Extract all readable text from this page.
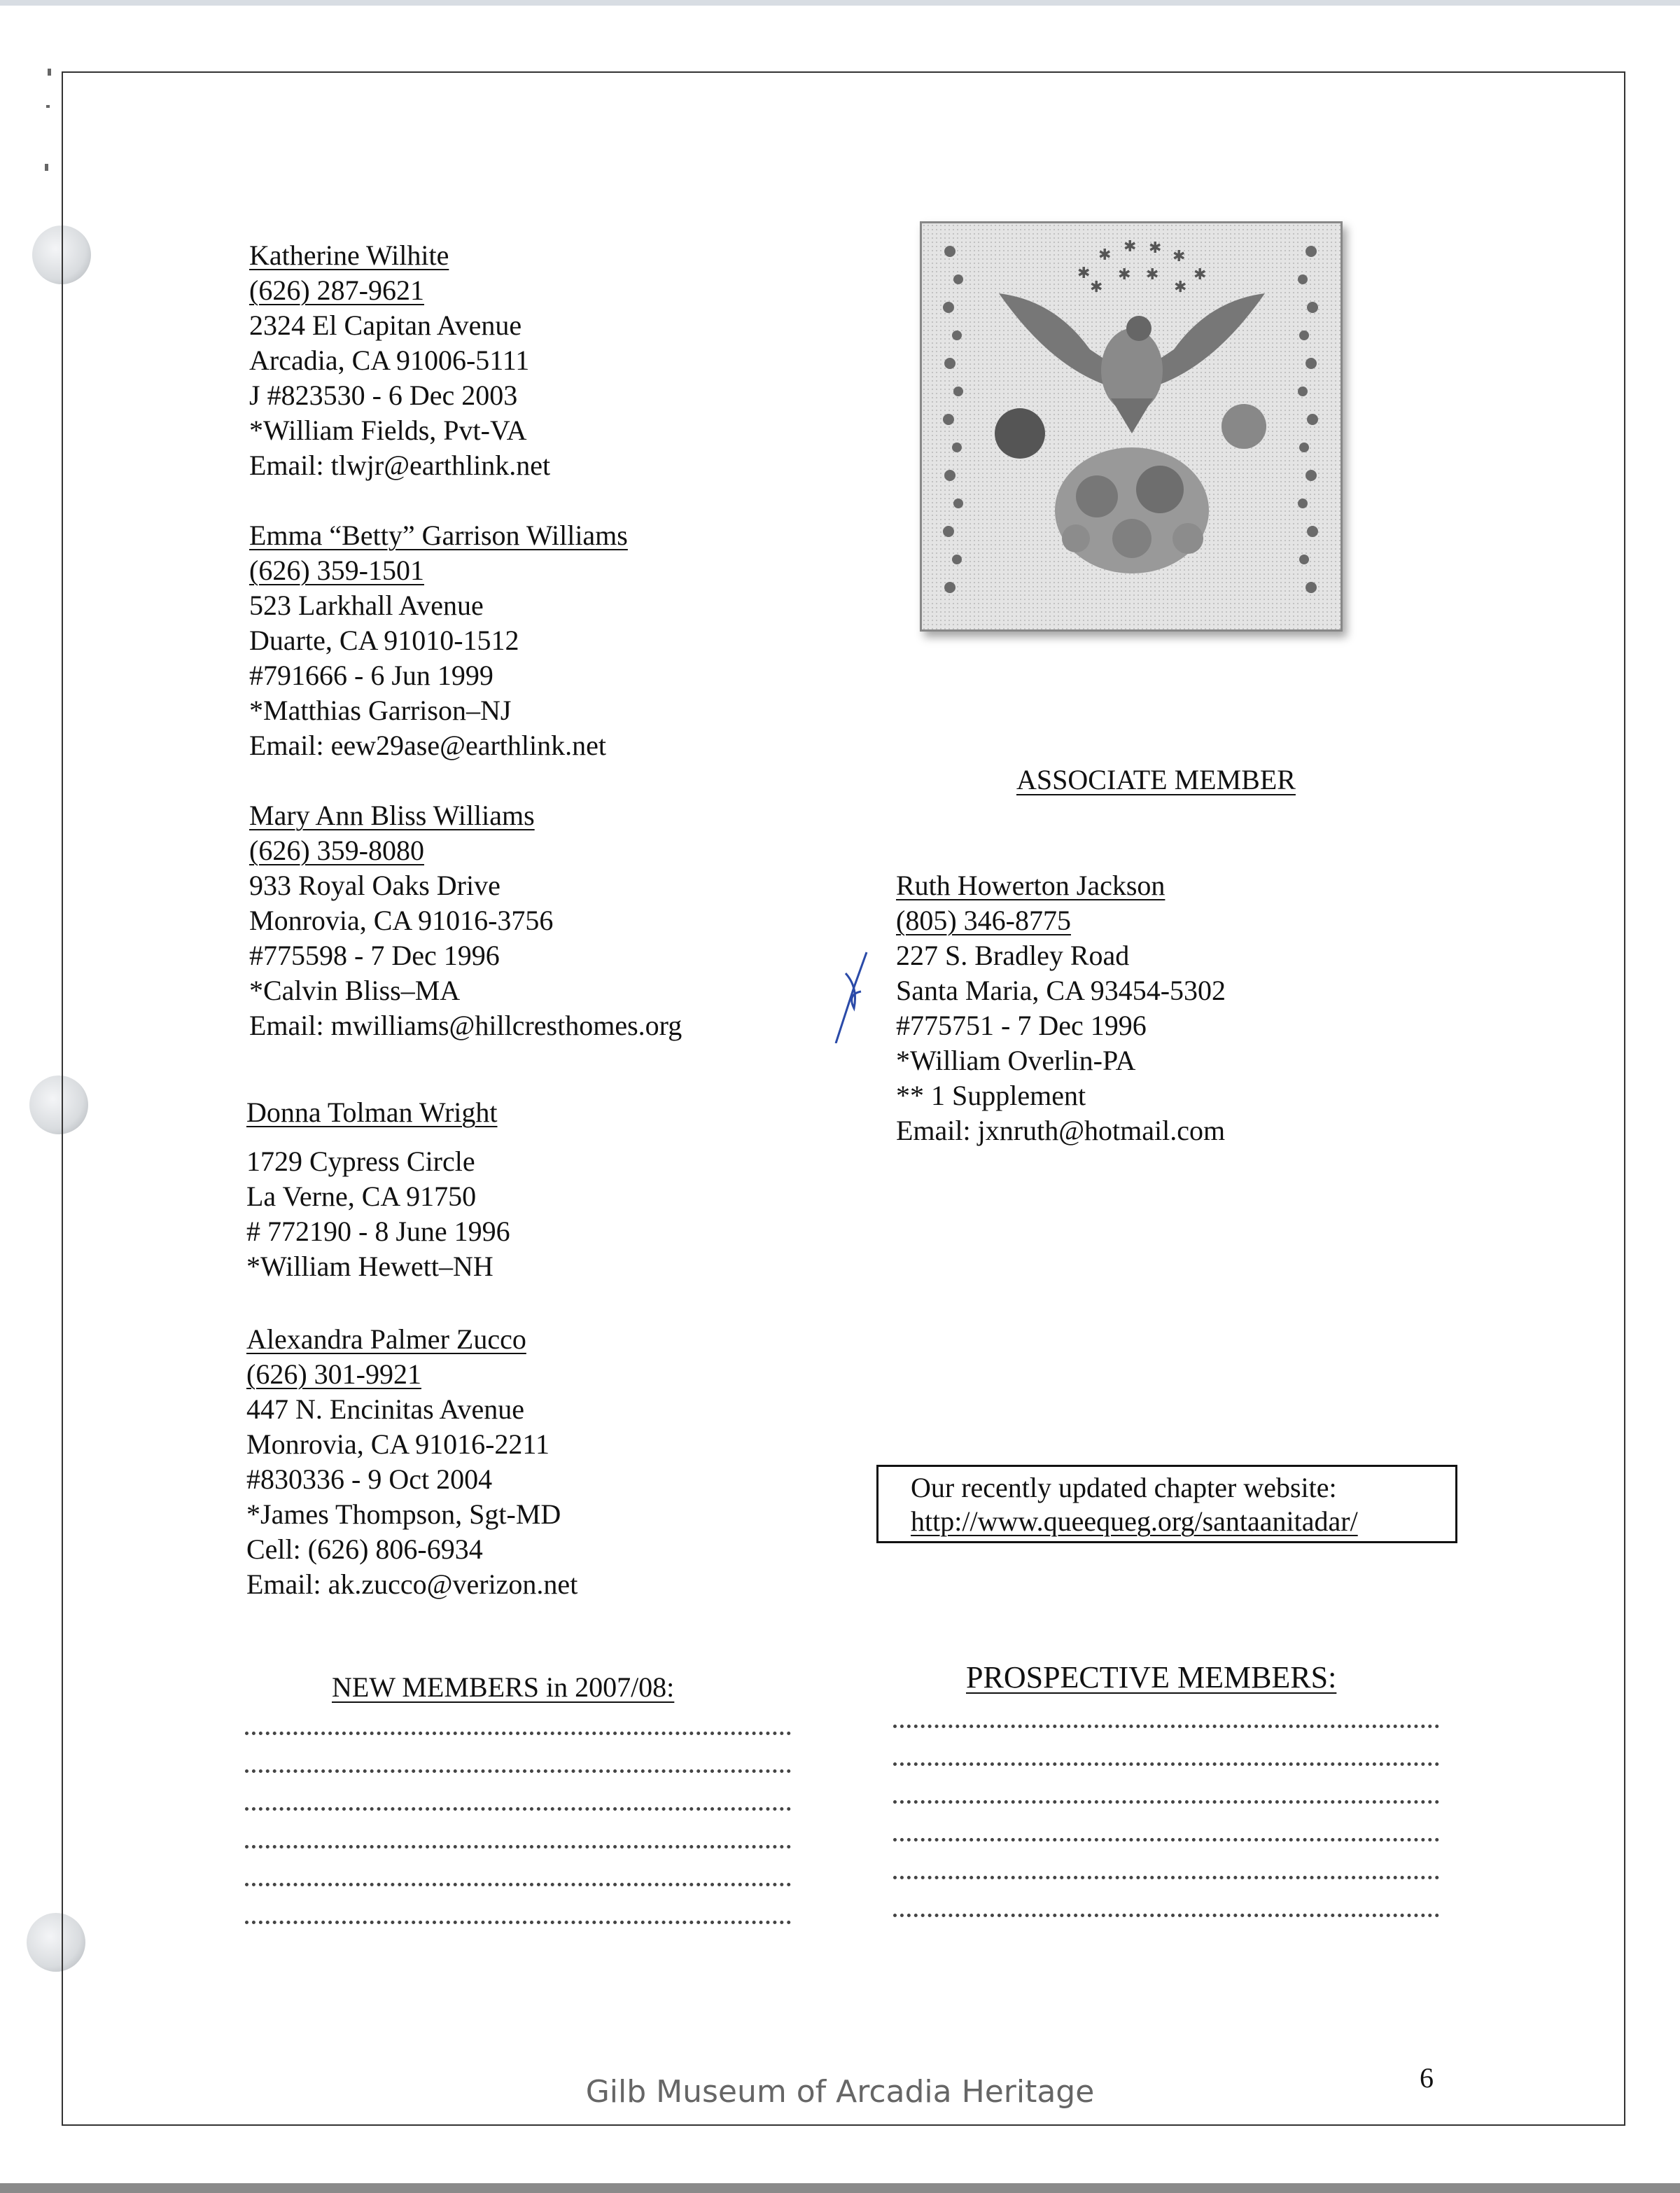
Katherine Wilhite
(626) 287-9621
2324 El Capitan Avenue
Arcadia, CA 91006-5111
J #823530 - 6 Dec 2003
*William Fields, Pvt-VA
Email: tlwjr@earthlink.net
Emma “Betty” Garrison Williams
(626) 359-1501
523 Larkhall Avenue
Duarte, CA 91010-1512
#791666 - 6 Jun 1999
*Matthias Garrison–NJ
Email: eew29ase@earthlink.net
Mary Ann Bliss Williams
(626) 359-8080
933 Royal Oaks Drive
Monrovia, CA 91016-3756
#775598 - 7 Dec 1996
*Calvin Bliss–MA
Email: mwilliams@hillcresthomes.org
Donna Tolman Wright
1729 Cypress Circle
La Verne, CA 91750
# 772190 - 8 June 1996
*William Hewett–NH
Alexandra Palmer Zucco
(626) 301-9921
447 N. Encinitas Avenue
Monrovia, CA 91016-2211
#830336 - 9 Oct 2004
*James Thompson, Sgt-MD
Cell: (626) 806-6934
Email: ak.zucco@verizon.net
✱
✱ ✱ ✱ ✱
✱
✱
✱ ✱
✱
ASSOCIATE MEMBER
Ruth Howerton Jackson
(805) 346-8775
227 S. Bradley Road
Santa Maria, CA 93454-5302
#775751 - 7 Dec 1996
*William Overlin-PA
** 1 Supplement
Email: jxnruth@hotmail.com
Our recently updated chapter website:
http://www.queequeg.org/santaanitadar/
NEW MEMBERS in 2007/08:	PROSPECTIVE MEMBERS:
Gilb Museum of Arcadia Heritage	6
